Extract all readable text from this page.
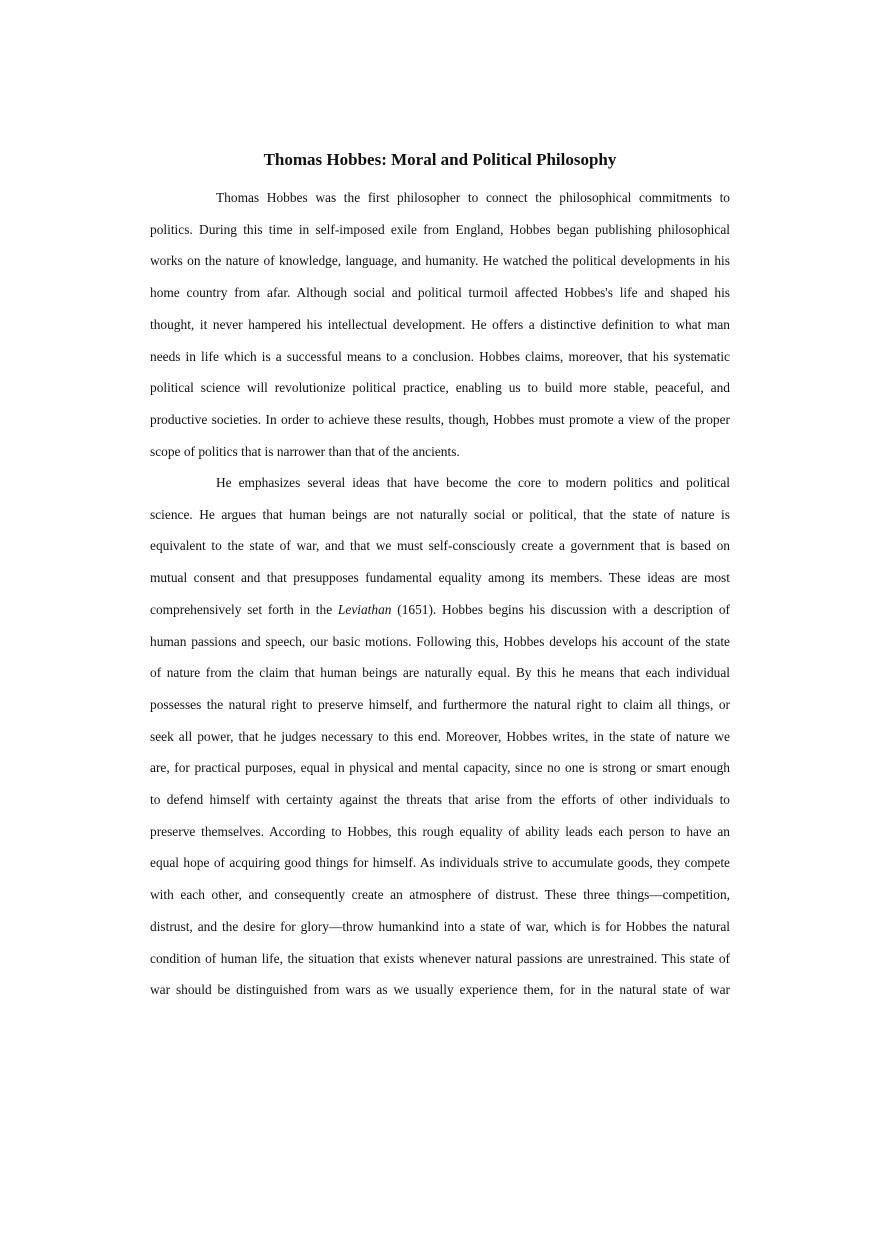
Thomas Hobbes: Moral and Political Philosophy
Thomas Hobbes was the first philosopher to connect the philosophical commitments to
politics. During this time in self-imposed exile from England, Hobbes began publishing philosophical
works on the nature of knowledge, language, and humanity. He watched the political developments in his
home country from afar. Although social and political turmoil affected Hobbes's life and shaped his
thought, it never hampered his intellectual development. He offers a distinctive definition to what man
needs in life which is a successful means to a conclusion. Hobbes claims, moreover, that his systematic
political science will revolutionize political practice, enabling us to build more stable, peaceful, and
productive societies. In order to achieve these results, though, Hobbes must promote a view of the proper
scope of politics that is narrower than that of the ancients.
He emphasizes several ideas that have become the core to modern politics and political
science. He argues that human beings are not naturally social or political, that the state of nature is
equivalent to the state of war, and that we must self-consciously create a government that is based on
mutual consent and that presupposes fundamental equality among its members. These ideas are most
comprehensively set forth in the Leviathan (1651). Hobbes begins his discussion with a description of
human passions and speech, our basic motions. Following this, Hobbes develops his account of the state
of nature from the claim that human beings are naturally equal. By this he means that each individual
possesses the natural right to preserve himself, and furthermore the natural right to claim all things, or
seek all power, that he judges necessary to this end. Moreover, Hobbes writes, in the state of nature we
are, for practical purposes, equal in physical and mental capacity, since no one is strong or smart enough
to defend himself with certainty against the threats that arise from the efforts of other individuals to
preserve themselves. According to Hobbes, this rough equality of ability leads each person to have an
equal hope of acquiring good things for himself. As individuals strive to accumulate goods, they compete
with each other, and consequently create an atmosphere of distrust. These three things—competition,
distrust, and the desire for glory—throw humankind into a state of war, which is for Hobbes the natural
condition of human life, the situation that exists whenever natural passions are unrestrained. This state of
war should be distinguished from wars as we usually experience them, for in the natural state of war
